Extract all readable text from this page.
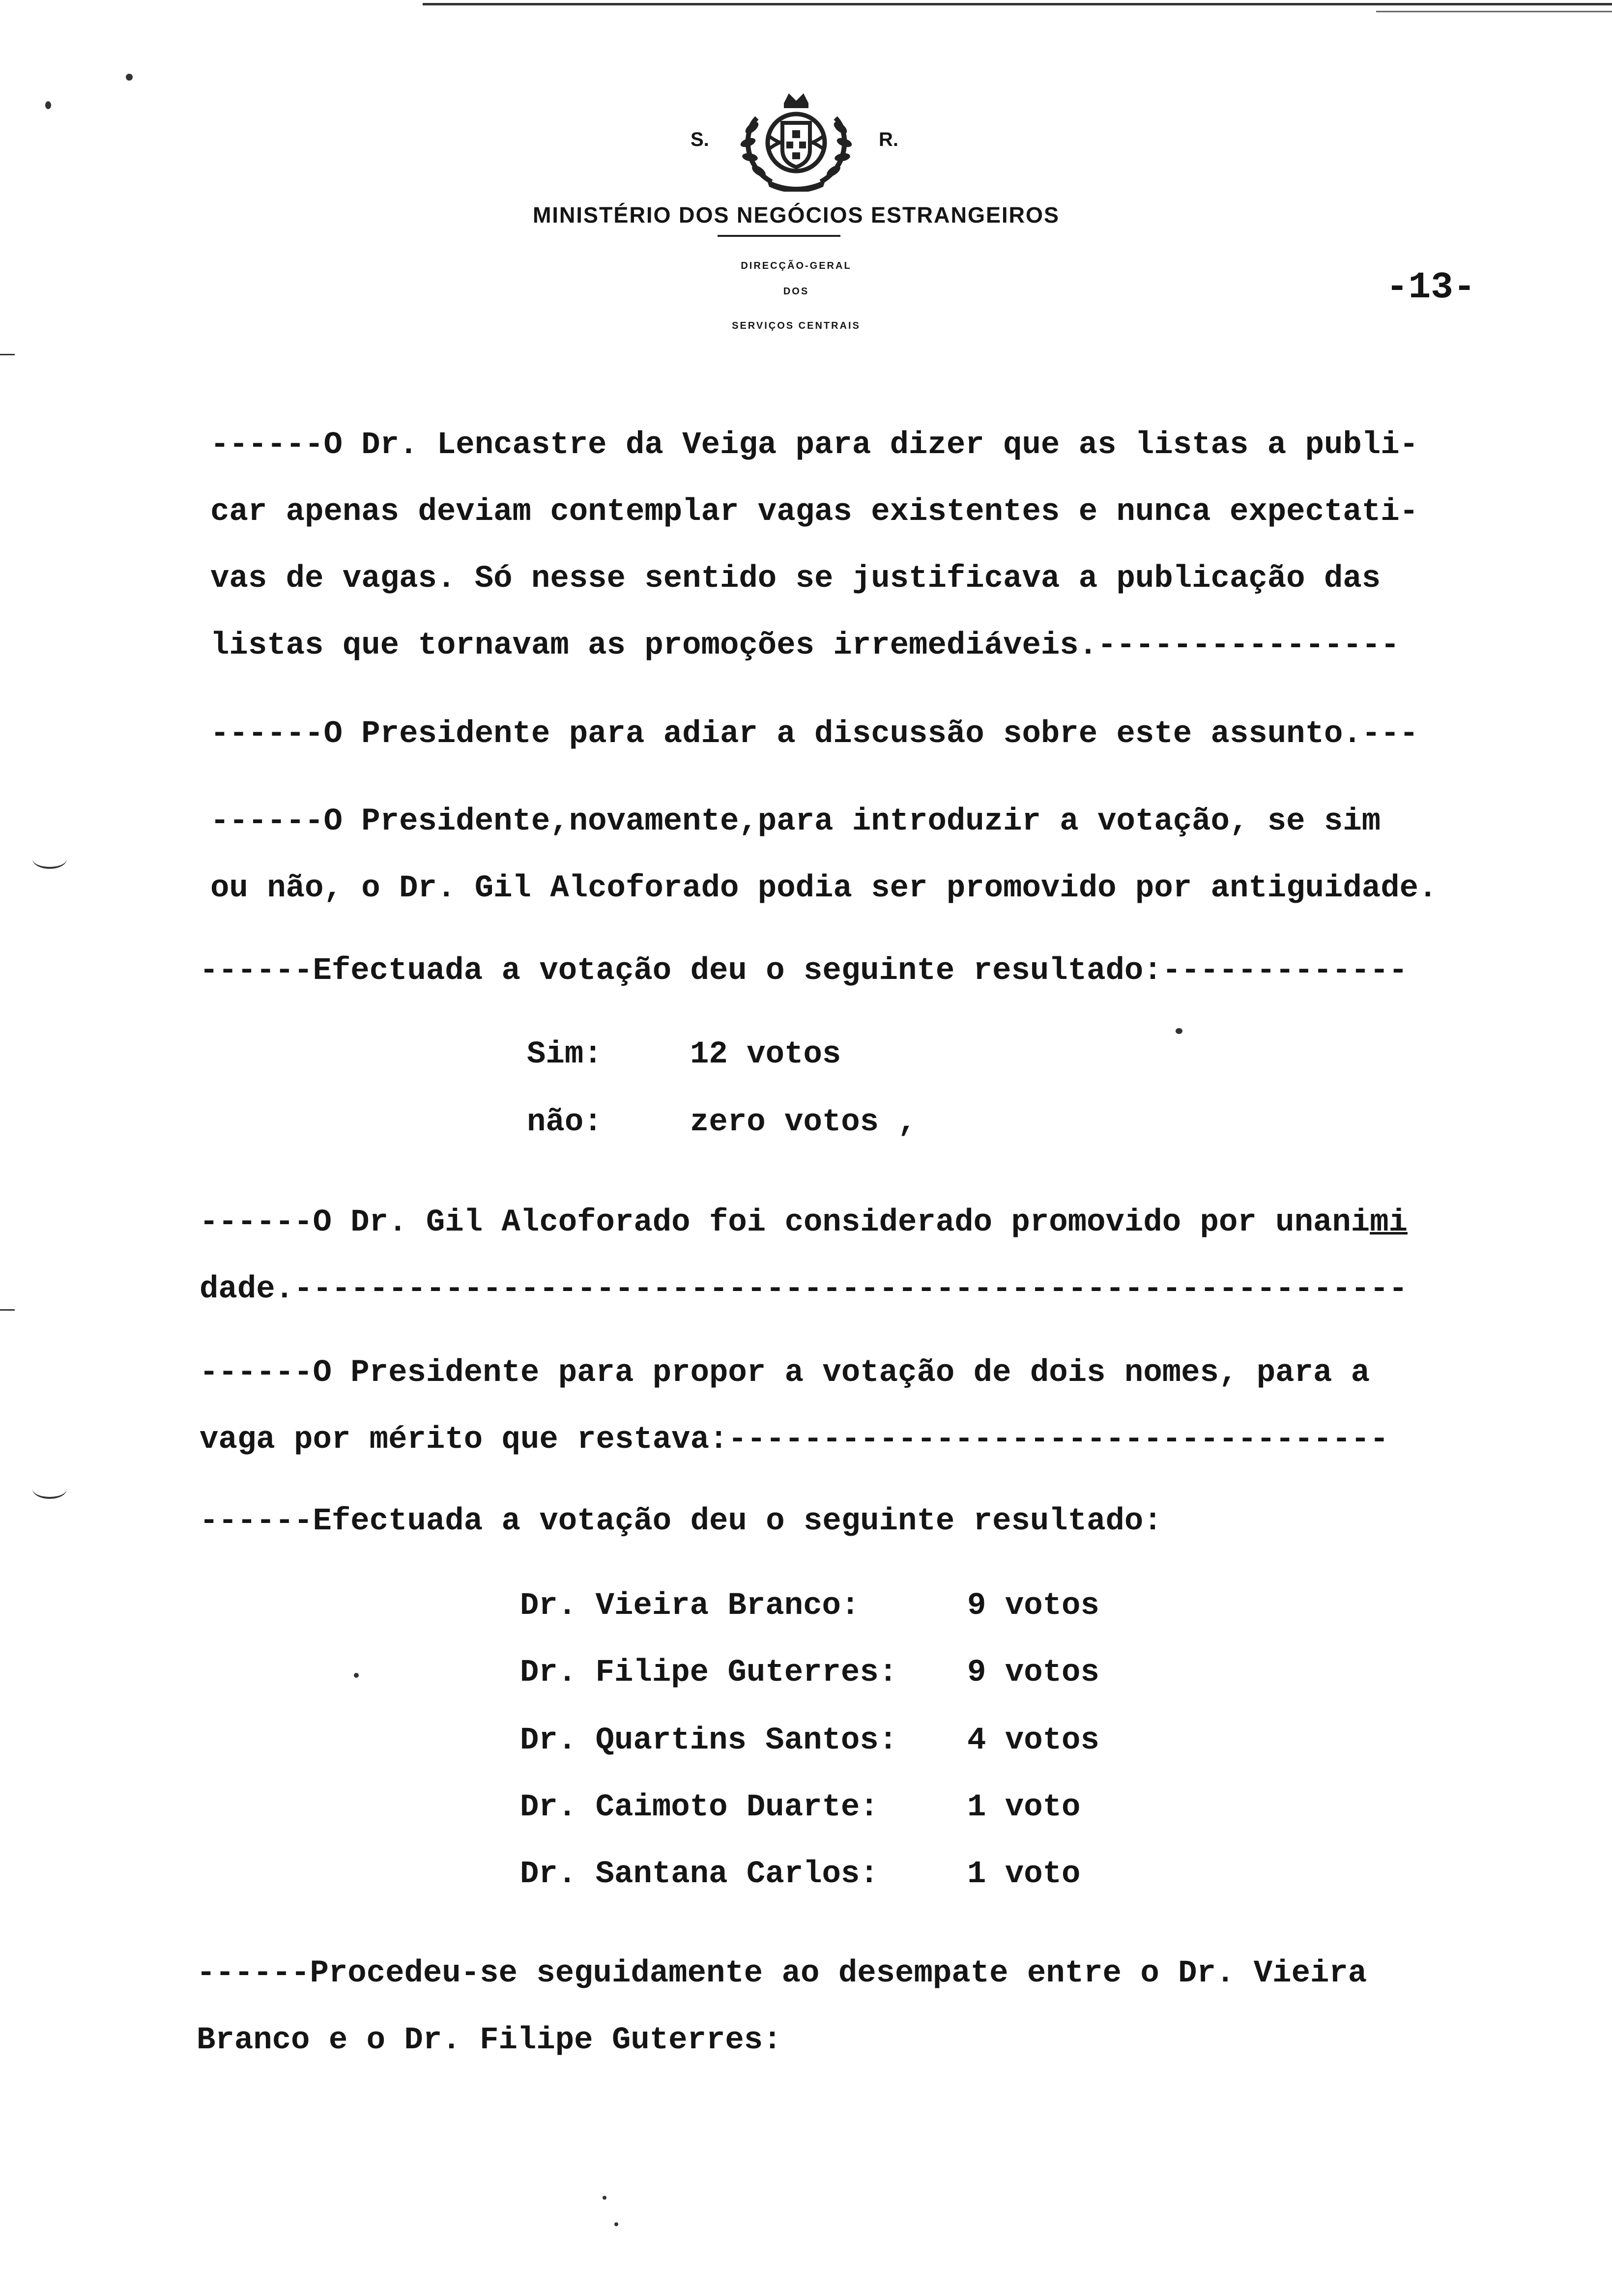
S.	R.
MINISTÉRIO DOS NEGÓCIOS ESTRANGEIROS
DIRECÇÃO-GERAL
DOS
SERVIÇOS CENTRAIS
-13-
------O Dr. Lencastre da Veiga para dizer que as listas a publi-
car apenas deviam contemplar vagas existentes e nunca expectati-
vas de vagas. Só nesse sentido se justificava a publicação das
listas que tornavam as promoções irremediáveis.----------------
------O Presidente para adiar a discussão sobre este assunto.---
------O Presidente,novamente,para introduzir a votação, se sim
ou não, o Dr. Gil Alcoforado podia ser promovido por antiguidade.
------Efectuada a votação deu o seguinte resultado:-------------
Sim:	12 votos
não:	zero votos ,
------O Dr. Gil Alcoforado foi considerado promovido por unanimi
dade.-----------------------------------------------------------
------O Presidente para propor a votação de dois nomes, para a
vaga por mérito que restava:-----------------------------------
------Efectuada a votação deu o seguinte resultado:
Dr. Vieira Branco:	9 votos
Dr. Filipe Guterres: 9 votos
Dr. Quartins Santos: 4 votos
Dr. Caimoto Duarte:	1 voto
Dr. Santana Carlos:	1 voto
------Procedeu-se seguidamente ao desempate entre o Dr. Vieira
Branco e o Dr. Filipe Guterres:
